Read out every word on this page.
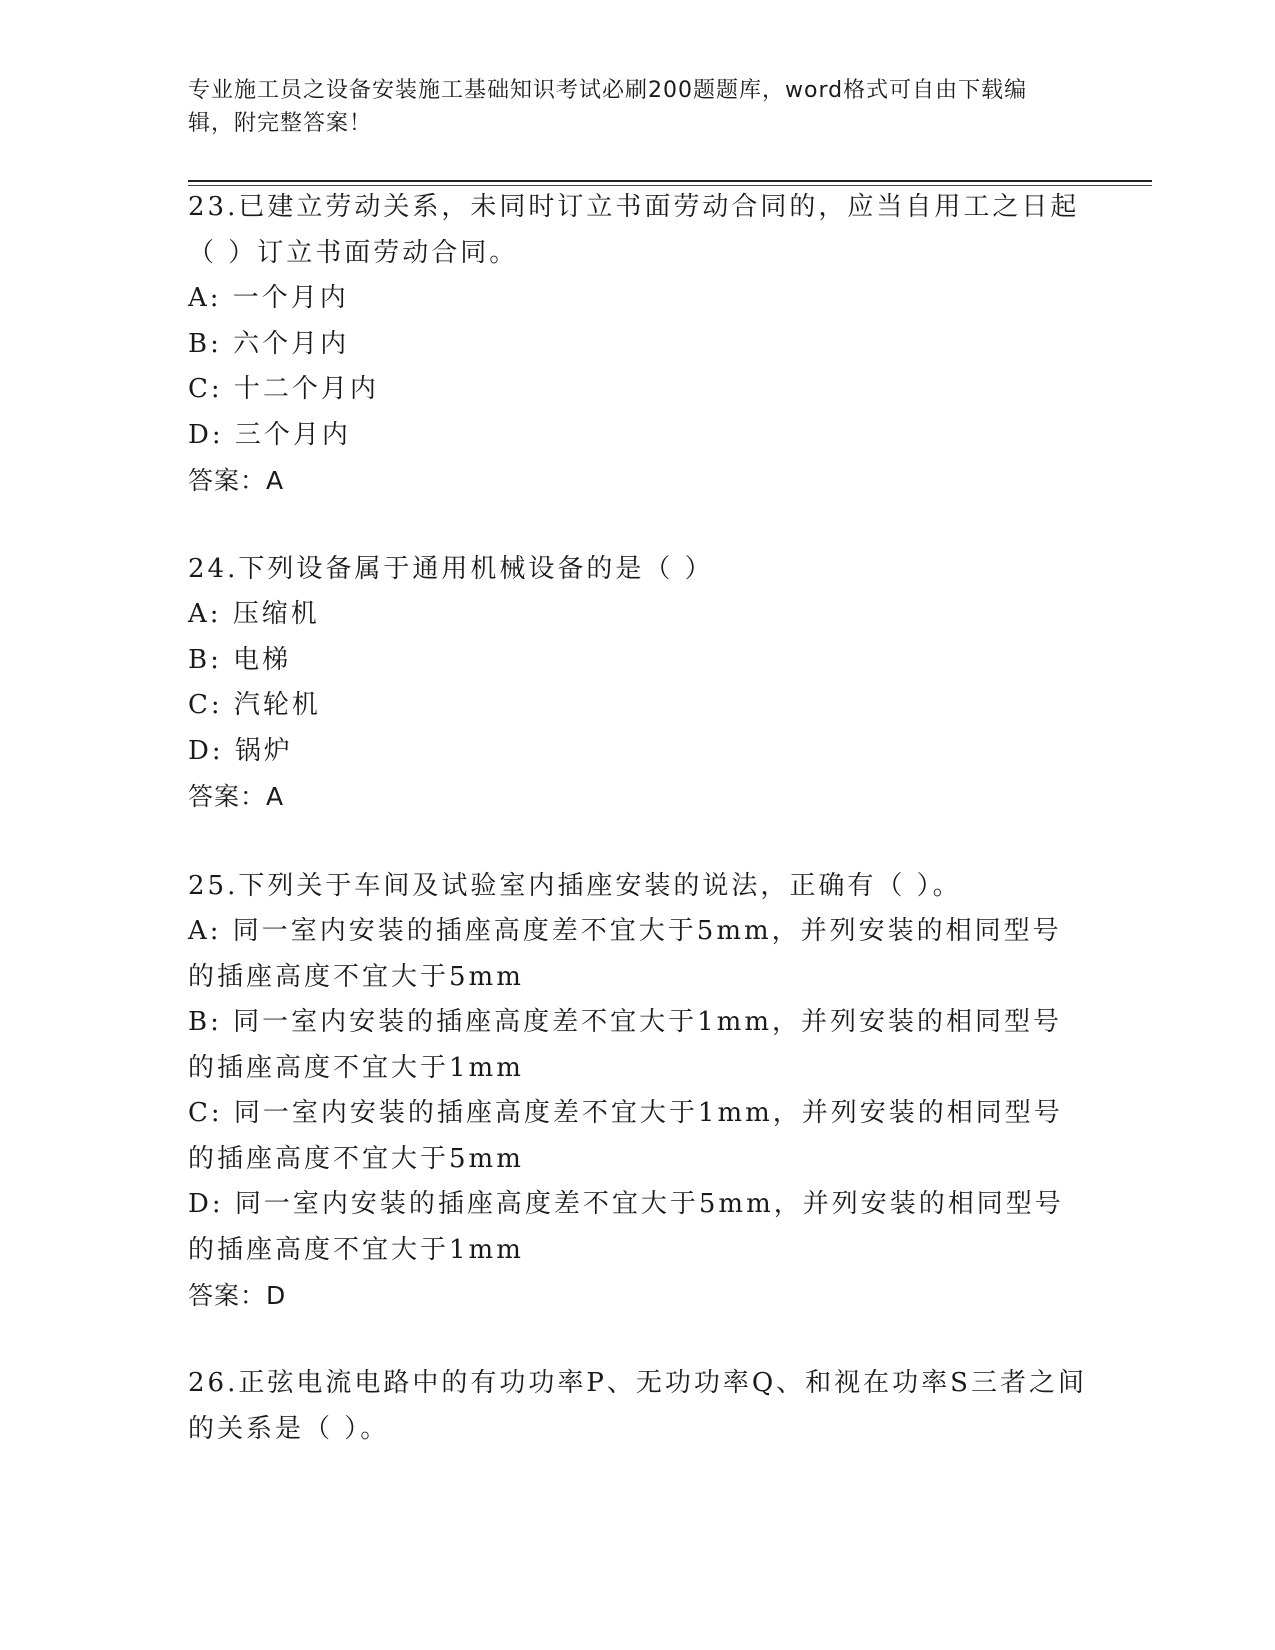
专业施工员之设备安装施工基础知识考试必刷200题题库，word格式可自由下载编辑，附完整答案！
23.已建立劳动关系，未同时订立书面劳动合同的，应当自用工之日起（ ）订立书面劳动合同。
A: 一个月内
B: 六个月内
C: 十二个月内
D: 三个月内
答案：A
24.下列设备属于通用机械设备的是（ ）
A: 压缩机
B: 电梯
C: 汽轮机
D: 锅炉
答案：A
25.下列关于车间及试验室内插座安装的说法，正确有（ ）。
A: 同一室内安装的插座高度差不宜大于5mm，并列安装的相同型号的插座高度不宜大于5mm
B: 同一室内安装的插座高度差不宜大于1mm，并列安装的相同型号的插座高度不宜大于1mm
C: 同一室内安装的插座高度差不宜大于1mm，并列安装的相同型号的插座高度不宜大于5mm
D: 同一室内安装的插座高度差不宜大于5mm，并列安装的相同型号的插座高度不宜大于1mm
答案：D
26.正弦电流电路中的有功功率P、无功功率Q、和视在功率S三者之间的关系是（ ）。
